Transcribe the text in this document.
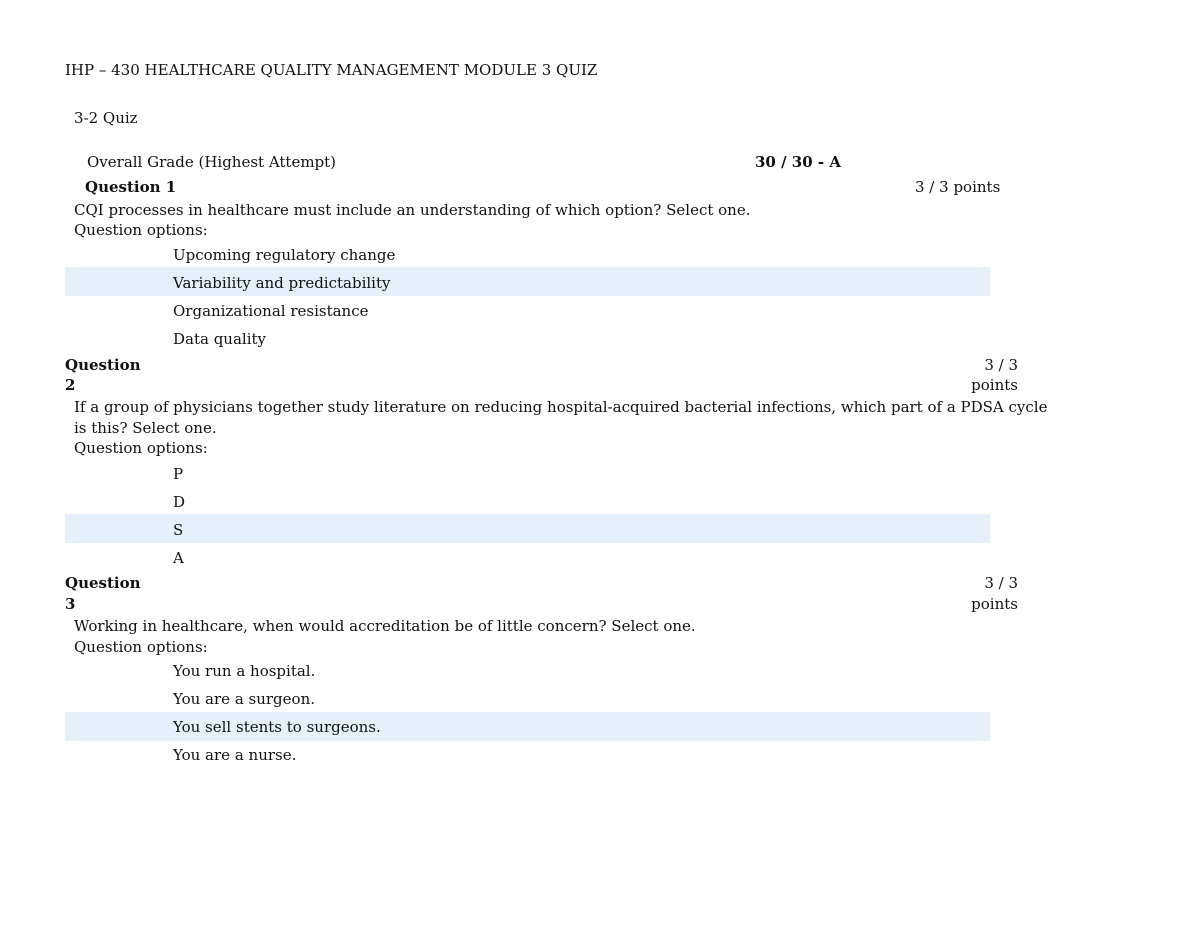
IHP – 430 HEALTHCARE QUALITY MANAGEMENT MODULE 3 QUIZ
3-2 Quiz
Overall Grade (Highest Attempt)	30 / 30 - A
Question 1	3 / 3 points
CQI processes in healthcare must include an understanding of which option? Select one.
Question options:
Upcoming regulatory change
Variability and predictability
Organizational resistance
Data quality
Question
2
3 / 3
points
If a group of physicians together study literature on reducing hospital-acquired bacterial infections, which part of a PDSA cycle
is this? Select one.
Question options:
P
D
S
A
Question
3
3 / 3
points
Working in healthcare, when would accreditation be of little concern? Select one.
Question options:
You run a hospital.
You are a surgeon.
You sell stents to surgeons.
You are a nurse.
